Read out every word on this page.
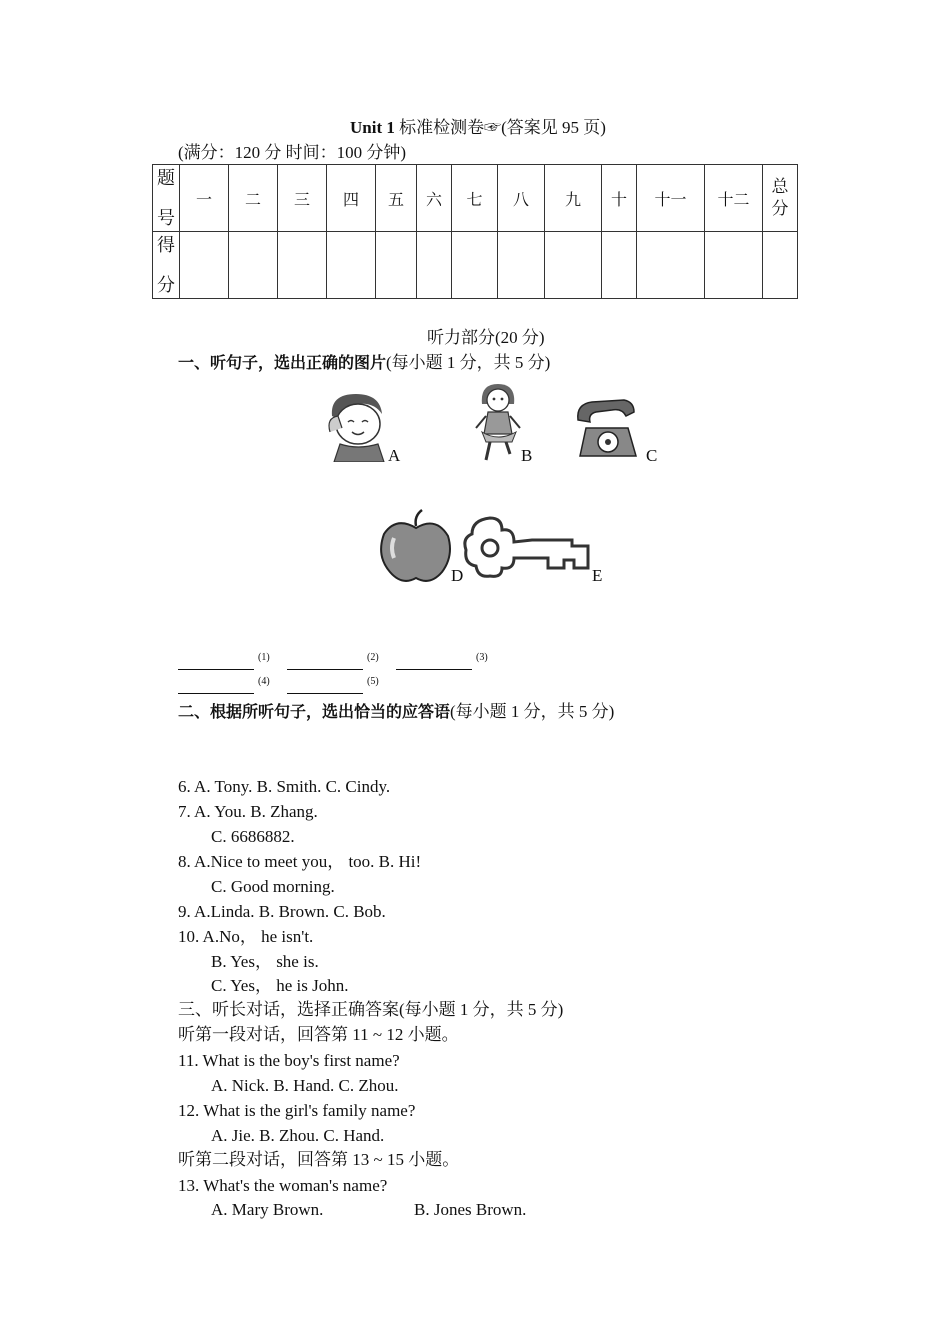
Unit 1 标准检测卷☞(答案见 95 页)
(满分：120 分 时间：100 分钟)
题
号	一	二	三	四	五	六	七	八	九	十	十一	十二	总
分

得
分													

听力部分(20 分)
一、听句子，选出正确的图片(每小题 1 分，共 5 分)
A	B	C
D	E
$^{(1)}$	$^{(2)}$	$^{(3)}$
$^{(4)}$	$^{(5)}$
二、根据所听句子，选出恰当的应答语(每小题 1 分，共 5 分)
6. A. Tony. B. Smith. C. Cindy.
7. A. You. B. Zhang.
C. 6686882.
8. A.Nice to meet you， too. B. Hi!
C. Good morning.
9. A.Linda. B. Brown. C. Bob.
10. A.No， he isn't.
B. Yes， she is.
C. Yes， he is John.
三、听长对话，选择正确答案(每小题 1 分，共 5 分)
听第一段对话，回答第 11 ~ 12 小题。
11. What is the boy's first name?
A. Nick. B. Hand. C. Zhou.
12. What is the girl's family name?
A. Jie. B. Zhou. C. Hand.
听第二段对话，回答第 13 ~ 15 小题。
13. What's the woman's name?
A. Mary Brown.	B. Jones Brown.
